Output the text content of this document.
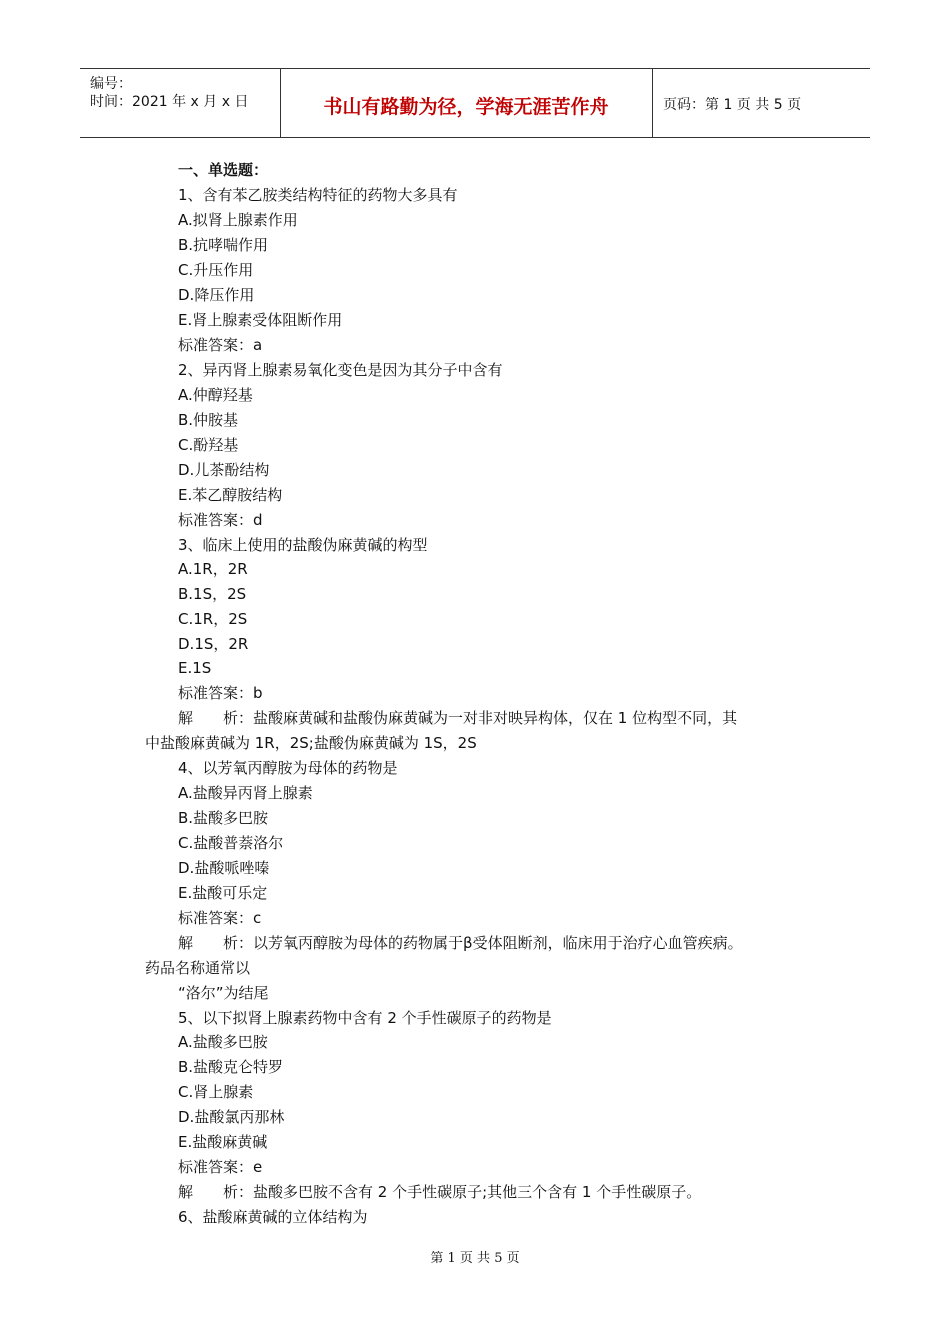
编号：
时间：2021 年 x 月 x 日	书山有路勤为径，学海无涯苦作舟	页码：第 1 页 共 5 页
一、单选题：
1、含有苯乙胺类结构特征的药物大多具有
A.拟肾上腺素作用
B.抗哮喘作用
C.升压作用
D.降压作用
E.肾上腺素受体阻断作用
标准答案：a
2、异丙肾上腺素易氧化变色是因为其分子中含有
A.仲醇羟基
B.仲胺基
C.酚羟基
D.儿茶酚结构
E.苯乙醇胺结构
标准答案：d
3、临床上使用的盐酸伪麻黄碱的构型
A.1R，2R
B.1S，2S
C.1R，2S
D.1S，2R
E.1S
标准答案：b
解　　析：盐酸麻黄碱和盐酸伪麻黄碱为一对非对映异构体，仅在 1 位构型不同，其
中盐酸麻黄碱为 1R，2S;盐酸伪麻黄碱为 1S，2S
4、以芳氧丙醇胺为母体的药物是
A.盐酸异丙肾上腺素
B.盐酸多巴胺
C.盐酸普萘洛尔
D.盐酸哌唑嗪
E.盐酸可乐定
标准答案：c
解　　析：以芳氧丙醇胺为母体的药物属于β受体阻断剂，临床用于治疗心血管疾病。
药品名称通常以
“洛尔”为结尾
5、以下拟肾上腺素药物中含有 2 个手性碳原子的药物是
A.盐酸多巴胺
B.盐酸克仑特罗
C.肾上腺素
D.盐酸氯丙那林
E.盐酸麻黄碱
标准答案：e
解　　析：盐酸多巴胺不含有 2 个手性碳原子;其他三个含有 1 个手性碳原子。
6、盐酸麻黄碱的立体结构为
第 1 页 共 5 页
